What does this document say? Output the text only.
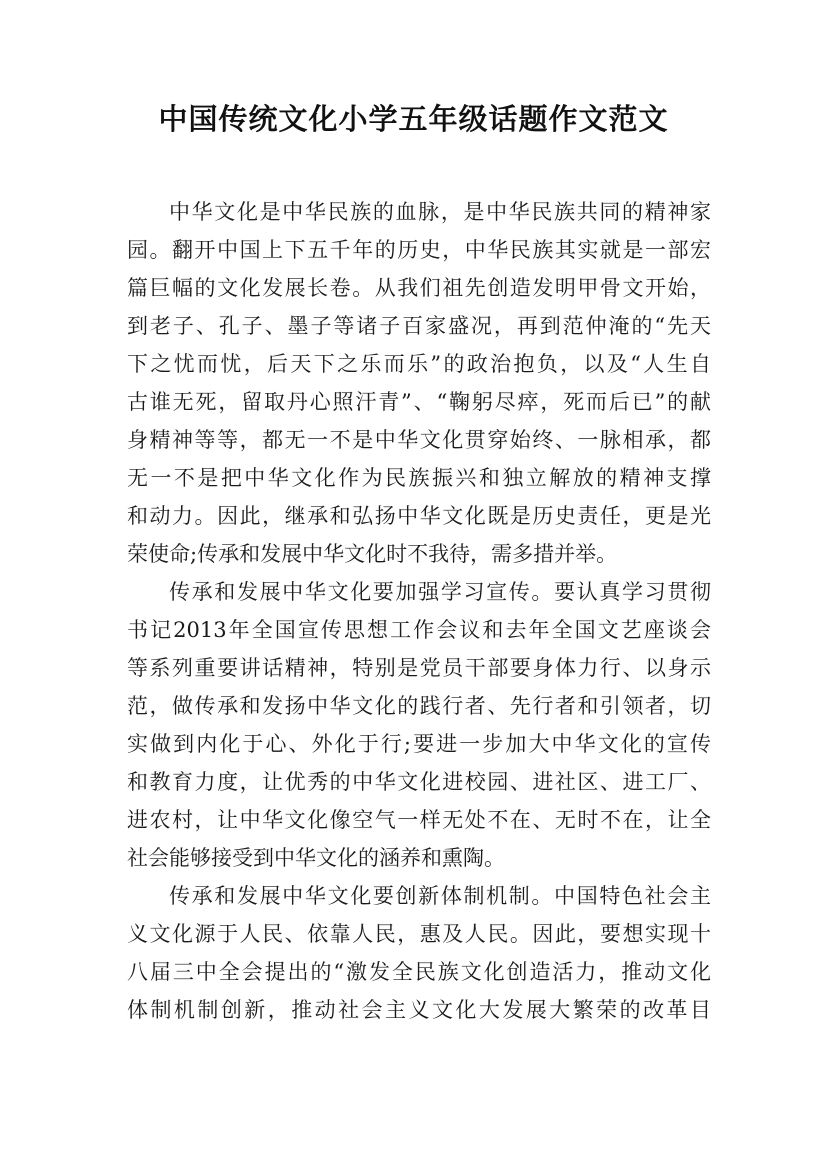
中国传统文化小学五年级话题作文范文
中华文化是中华民族的血脉，是中华民族共同的精神家
园。翻开中国上下五千年的历史，中华民族其实就是一部宏
篇巨幅的文化发展长卷。从我们祖先创造发明甲骨文开始，
到老子、孔子、墨子等诸子百家盛况，再到范仲淹的“先天
下之忧而忧，后天下之乐而乐”的政治抱负，以及“人生自
古谁无死，留取丹心照汗青”、“鞠躬尽瘁，死而后已”的献
身精神等等，都无一不是中华文化贯穿始终、一脉相承，都
无一不是把中华文化作为民族振兴和独立解放的精神支撑
和动力。因此，继承和弘扬中华文化既是历史责任，更是光
荣使命;传承和发展中华文化时不我待，需多措并举。
传承和发展中华文化要加强学习宣传。要认真学习贯彻
书记2013年全国宣传思想工作会议和去年全国文艺座谈会
等系列重要讲话精神，特别是党员干部要身体力行、以身示
范，做传承和发扬中华文化的践行者、先行者和引领者，切
实做到内化于心、外化于行;要进一步加大中华文化的宣传
和教育力度，让优秀的中华文化进校园、进社区、进工厂、
进农村，让中华文化像空气一样无处不在、无时不在，让全
社会能够接受到中华文化的涵养和熏陶。
传承和发展中华文化要创新体制机制。中国特色社会主
义文化源于人民、依靠人民，惠及人民。因此，要想实现十
八届三中全会提出的“激发全民族文化创造活力，推动文化
体制机制创新，推动社会主义文化大发展大繁荣的改革目
